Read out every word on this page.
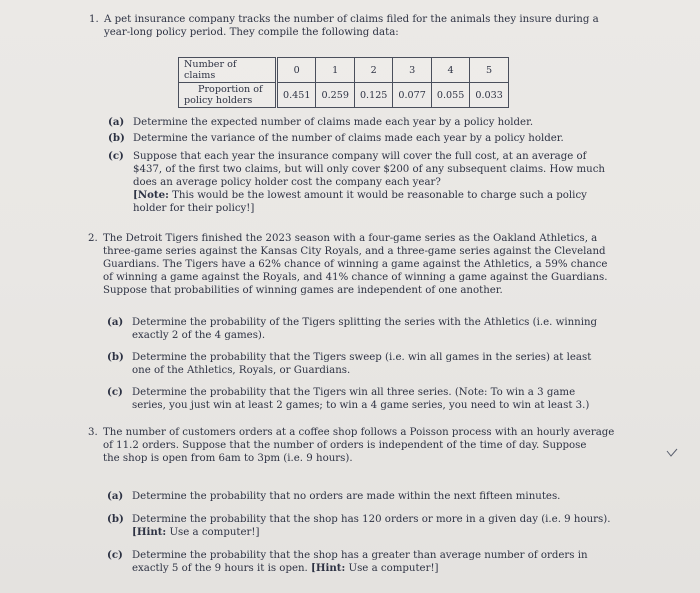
1. A pet insurance company tracks the number of claims filed for the animals they insure during a
year-long policy period. They compile the following data:
Number of claims	0	1	2	3	4	5
Proportion of
policy holders	0.451	0.259	0.125	0.077	0.055	0.033
(a) Determine the expected number of claims made each year by a policy holder.
(b) Determine the variance of the number of claims made each year by a policy holder.
(c) Suppose that each year the insurance company will cover the full cost, at an average of
$437, of the first two claims, but will only cover $200 of any subsequent claims. How much
does an average policy holder cost the company each year?
[Note: This would be the lowest amount it would be reasonable to charge such a policy
holder for their policy!]
2. The Detroit Tigers finished the 2023 season with a four-game series as the Oakland Athletics, a
three-game series against the Kansas City Royals, and a three-game series against the Cleveland
Guardians. The Tigers have a 62% chance of winning a game against the Athletics, a 59% chance
of winning a game against the Royals, and 41% chance of winning a game against the Guardians.
Suppose that probabilities of winning games are independent of one another.
(a) Determine the probability of the Tigers splitting the series with the Athletics (i.e. winning
exactly 2 of the 4 games).
(b) Determine the probability that the Tigers sweep (i.e. win all games in the series) at least
one of the Athletics, Royals, or Guardians.
(c) Determine the probability that the Tigers win all three series. (Note: To win a 3 game
series, you just win at least 2 games; to win a 4 game series, you need to win at least 3.)
3. The number of customers orders at a coffee shop follows a Poisson process with an hourly average
of 11.2 orders. Suppose that the number of orders is independent of the time of day. Suppose
the shop is open from 6am to 3pm (i.e. 9 hours).
(a) Determine the probability that no orders are made within the next fifteen minutes.
(b) Determine the probability that the shop has 120 orders or more in a given day (i.e. 9 hours).
[Hint: Use a computer!]
(c) Determine the probability that the shop has a greater than average number of orders in
exactly 5 of the 9 hours it is open. [Hint: Use a computer!]
